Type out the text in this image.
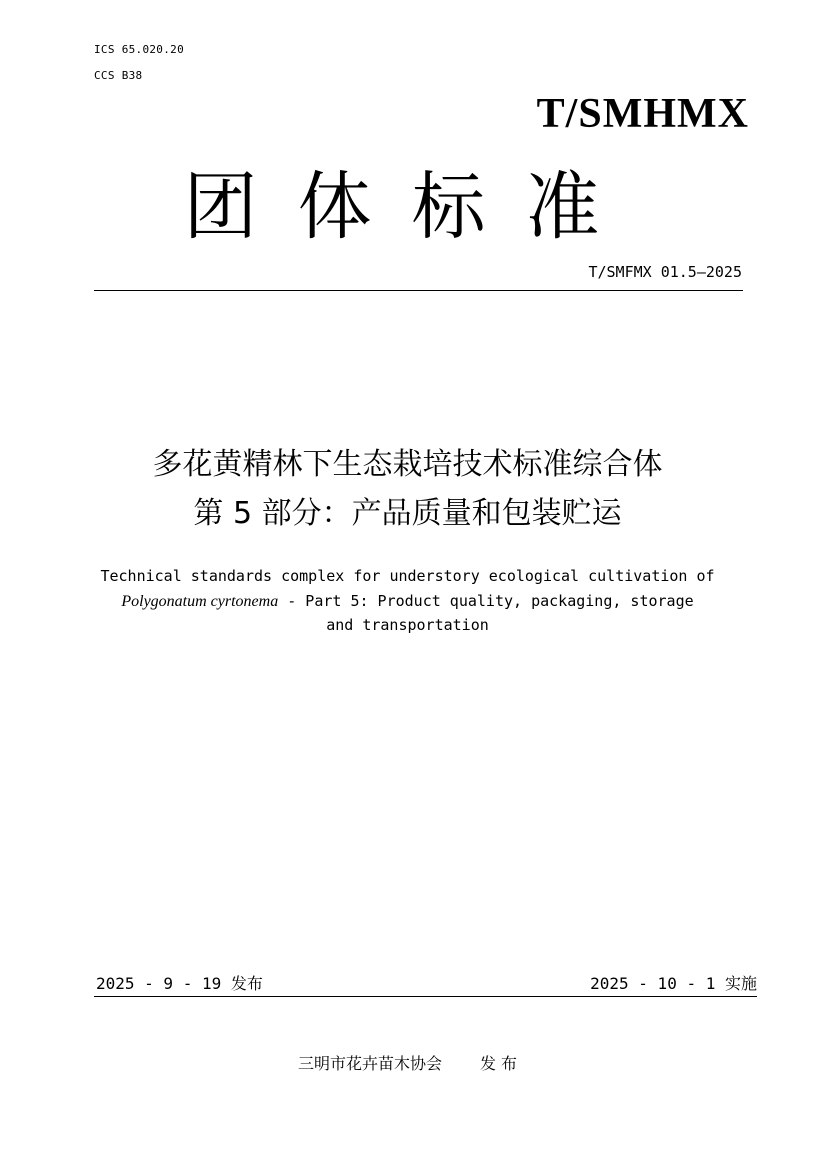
ICS 65.020.20
CCS B38
T/SMHMX
团体标准
T/SMFMX 01.5—2025
多花黄精林下生态栽培技术标准综合体
第 5 部分：产品质量和包装贮运
Technical standards complex for understory ecological cultivation of
Polygonatum cyrtonema - Part 5: Product quality, packaging, storage
and transportation
2025 - 9 - 19 发布	2025 - 10 - 1 实施
三明市花卉苗木协会 发 布
